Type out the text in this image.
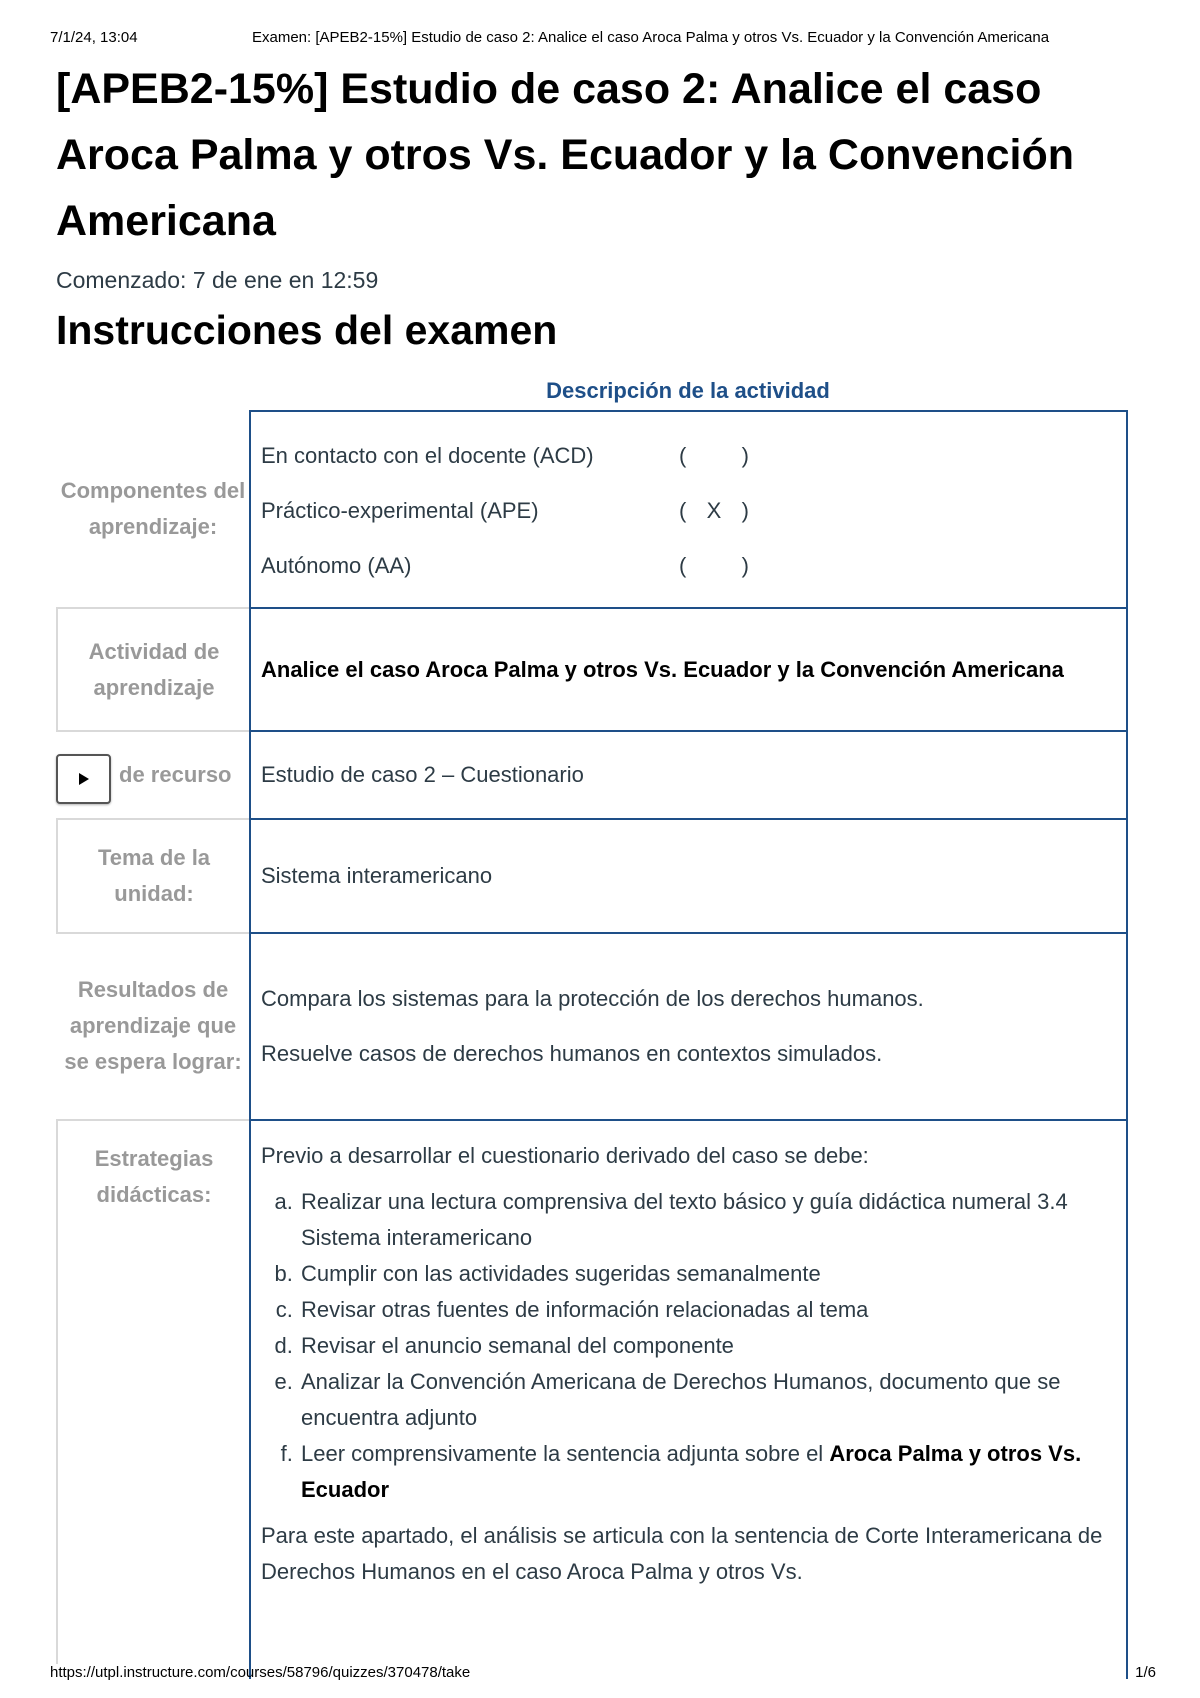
7/1/24, 13:04	Examen: [APEB2-15%] Estudio de caso 2: Analice el caso Aroca Palma y otros Vs. Ecuador y la Convención Americana
[APEB2-15%] Estudio de caso 2: Analice el caso Aroca Palma y otros Vs. Ecuador y la Convención Americana
Comenzado: 7 de ene en 12:59
Instrucciones del examen
Descripción de la actividad
Componentes del aprendizaje:
En contacto con el docente (ACD)	(	)
Práctico-experimental (APE)	( X )
Autónomo (AA)	(	)
Actividad de aprendizaje

Analice el caso Aroca Palma y otros Vs. Ecuador y la Convención Americana

de recurso Estudio de caso 2 – Cuestionario

Tema de la unidad:

Sistema interamericano

Resultados de aprendizaje que se espera lograr:

Compara los sistemas para la protección de los derechos humanos.

Resuelve casos de derechos humanos en contextos simulados.

Estrategias didácticas:

Previo a desarrollar el cuestionario derivado del caso se debe:

a. Realizar una lectura comprensiva del texto básico y guía didáctica numeral 3.4 Sistema interamericano
b. Cumplir con las actividades sugeridas semanalmente
c. Revisar otras fuentes de información relacionadas al tema
d. Revisar el anuncio semanal del componente
e. Analizar la Convención Americana de Derechos Humanos, documento que se encuentra adjunto
f. Leer comprensivamente la sentencia adjunta sobre el Aroca Palma y otros Vs. Ecuador

Para este apartado, el análisis se articula con la sentencia de Corte Interamericana de Derechos Humanos en el caso Aroca Palma y otros Vs.

https://utpl.instructure.com/courses/58796/quizzes/370478/take	1/6
